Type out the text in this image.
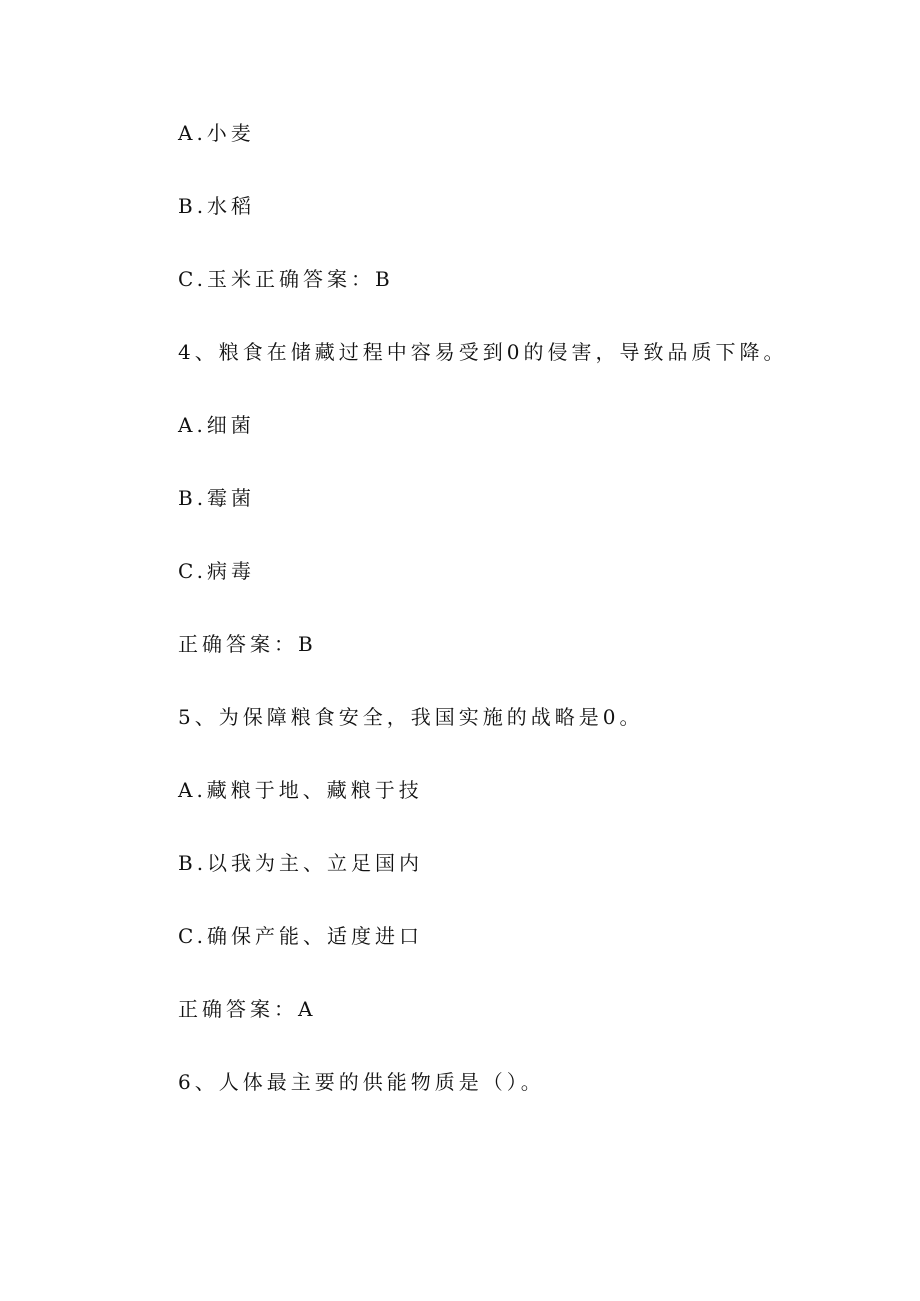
A.小麦
B.水稻
C.玉米正确答案：B
4、粮食在储藏过程中容易受到0的侵害，导致品质下降。
A.细菌
B.霉菌
C.病毒
正确答案：B
5、为保障粮食安全，我国实施的战略是0。
A.藏粮于地、藏粮于技
B.以我为主、立足国内
C.确保产能、适度进口
正确答案：A
6、人体最主要的供能物质是（）。
